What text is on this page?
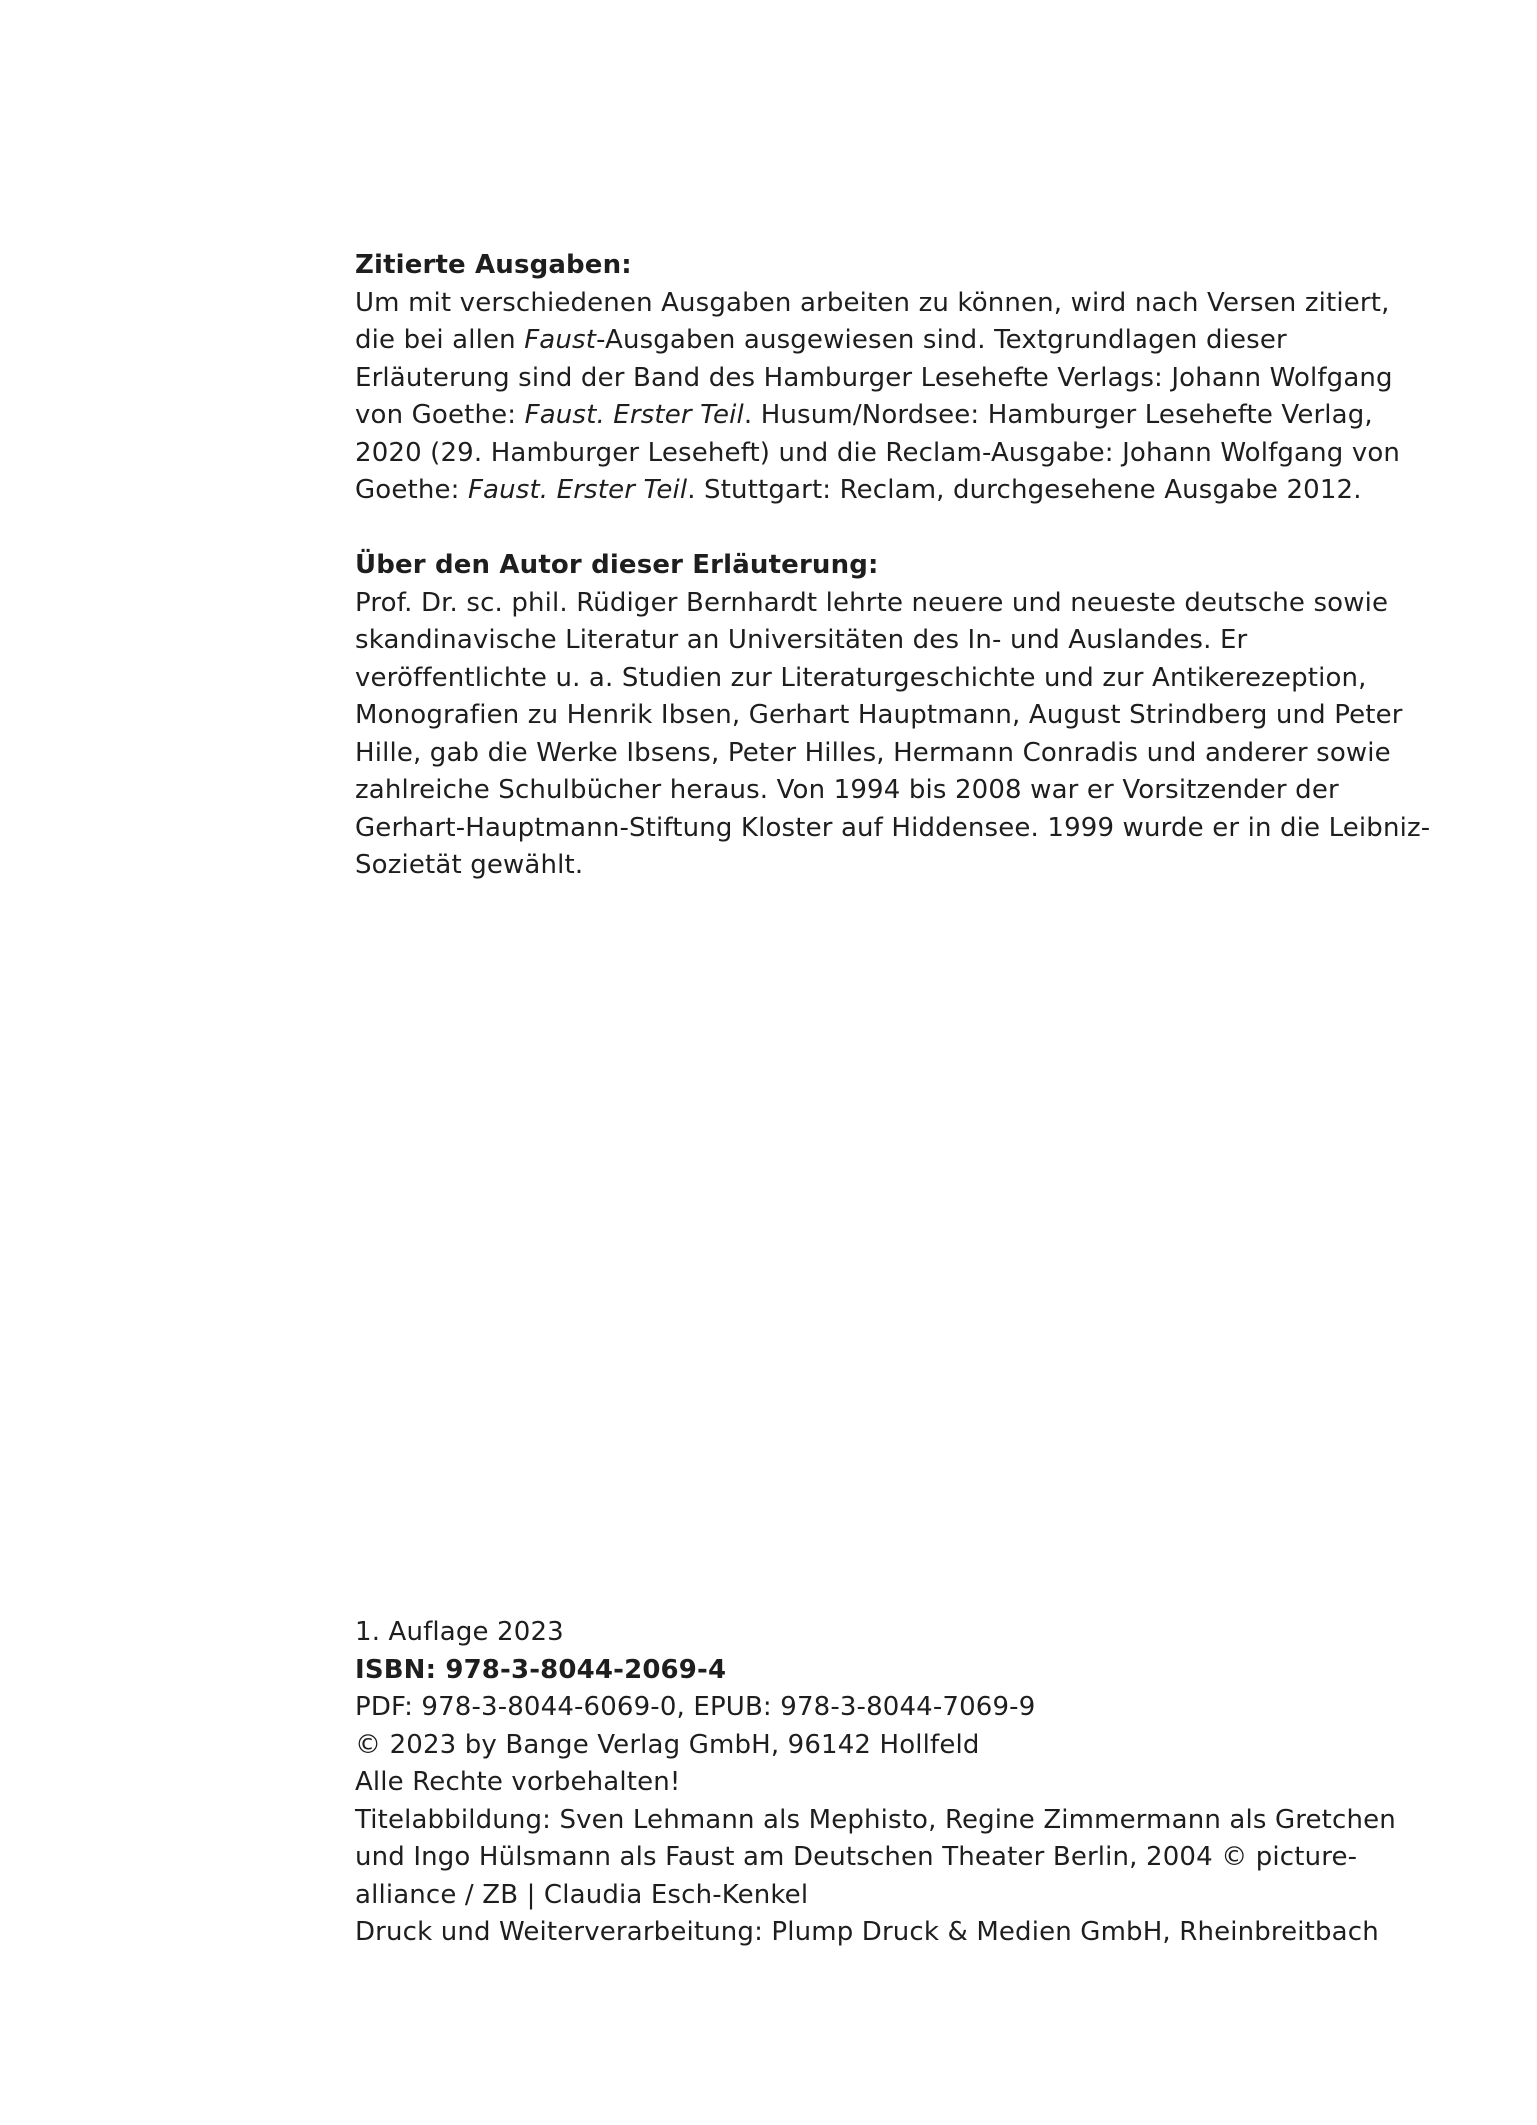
Zitierte Ausgaben:
Um mit verschiedenen Ausgaben arbeiten zu können, wird nach Versen zitiert, die bei allen Faust-Ausgaben ausgewiesen sind. Textgrundlagen dieser Erläuterung sind der Band des Hamburger Lesehefte Verlags: Johann Wolfgang von Goethe: Faust. Erster Teil. Husum/Nordsee: Hamburger Lesehefte Verlag, 2020 (29. Hamburger Leseheft) und die Reclam-Ausgabe: Johann Wolfgang von Goethe: Faust. Erster Teil. Stuttgart: Reclam, durchgesehene Ausgabe 2012.
Über den Autor dieser Erläuterung:
Prof. Dr. sc. phil. Rüdiger Bernhardt lehrte neuere und neueste deutsche sowie skandinavische Literatur an Universitäten des In- und Auslandes. Er veröffentlichte u. a. Studien zur Literaturgeschichte und zur Antikerezeption, Monografien zu Henrik Ibsen, Gerhart Hauptmann, August Strindberg und Peter Hille, gab die Werke Ibsens, Peter Hilles, Hermann Conradis und anderer sowie zahlreiche Schulbücher heraus. Von 1994 bis 2008 war er Vorsitzender der Gerhart-Hauptmann-Stiftung Kloster auf Hiddensee. 1999 wurde er in die Leibniz-Sozietät gewählt.
1. Auflage 2023
ISBN: 978-3-8044-2069-4
PDF: 978-3-8044-6069-0, EPUB: 978-3-8044-7069-9
© 2023 by Bange Verlag GmbH, 96142 Hollfeld
Alle Rechte vorbehalten!
Titelabbildung: Sven Lehmann als Mephisto, Regine Zimmermann als Gretchen und Ingo Hülsmann als Faust am Deutschen Theater Berlin, 2004 © picture-alliance / ZB | Claudia Esch-Kenkel
Druck und Weiterverarbeitung: Plump Druck & Medien GmbH, Rheinbreitbach
